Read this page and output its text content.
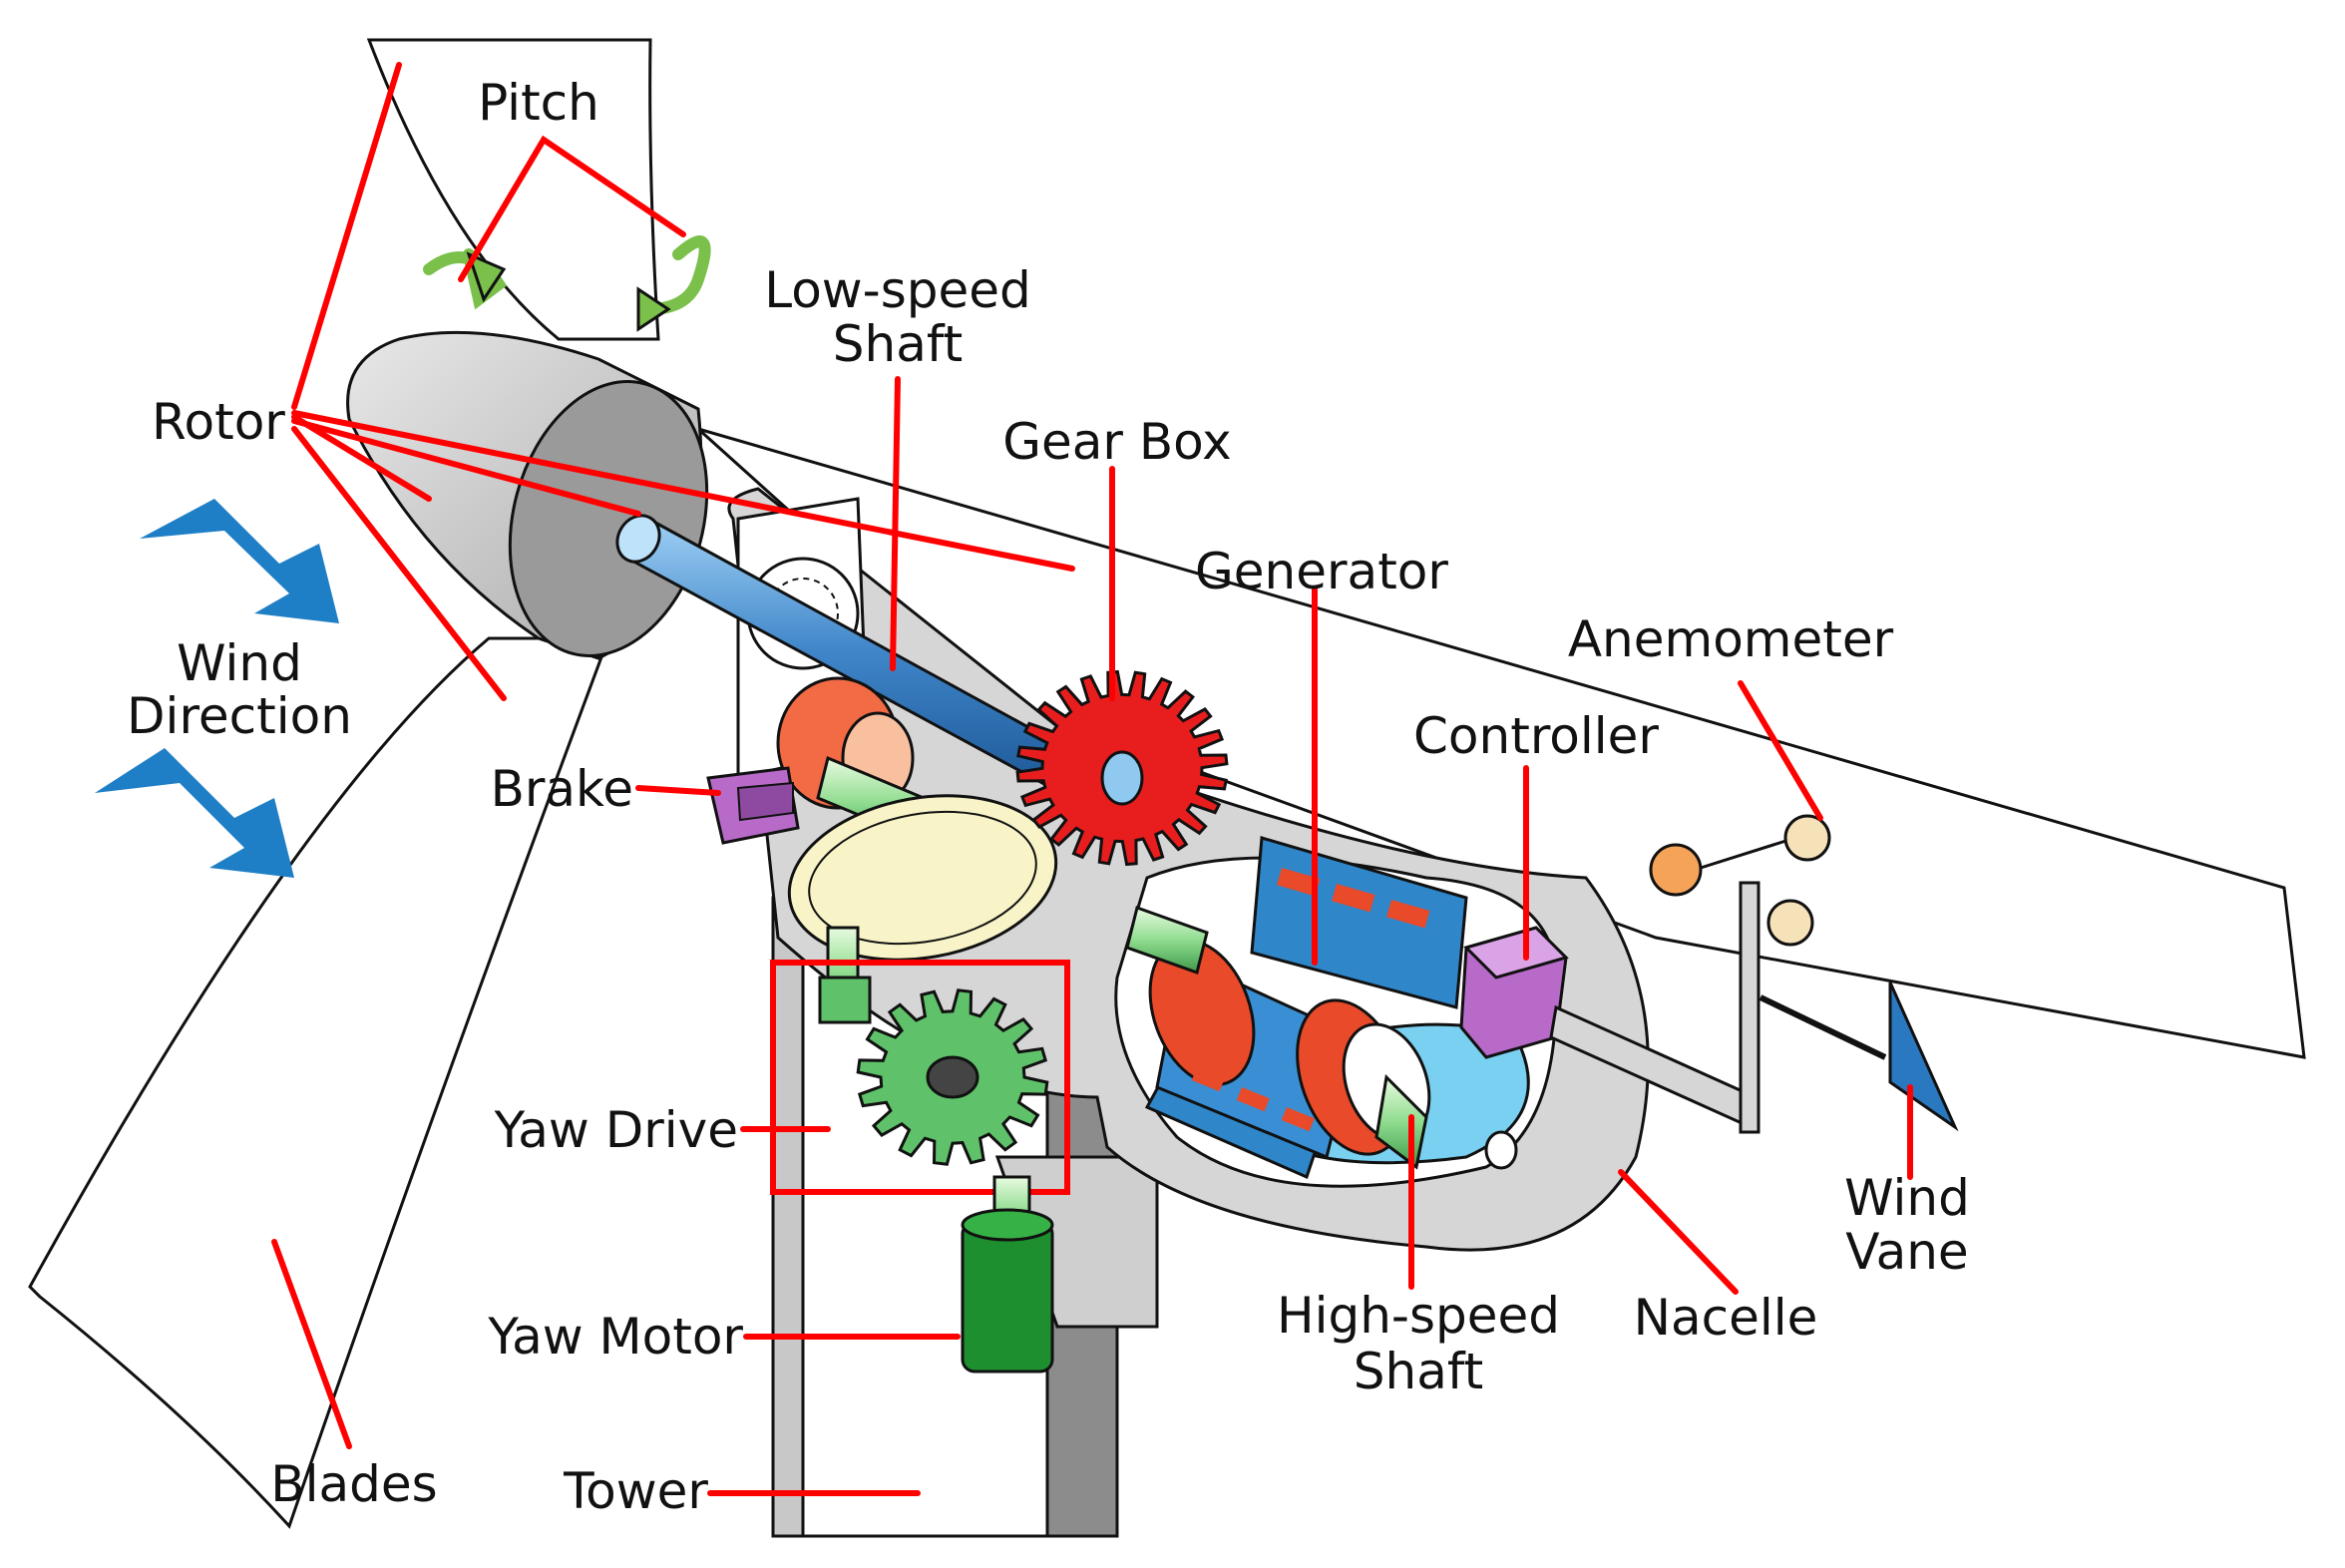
Pitch
Rotor
Low-speed
Shaft
Gear Box
Generator
Anemometer
Controller
Wind
Direction
Brake
Yaw Drive
Yaw Motor
Blades	Tower
High-speed
Shaft
Nacelle
Wind
Vane
